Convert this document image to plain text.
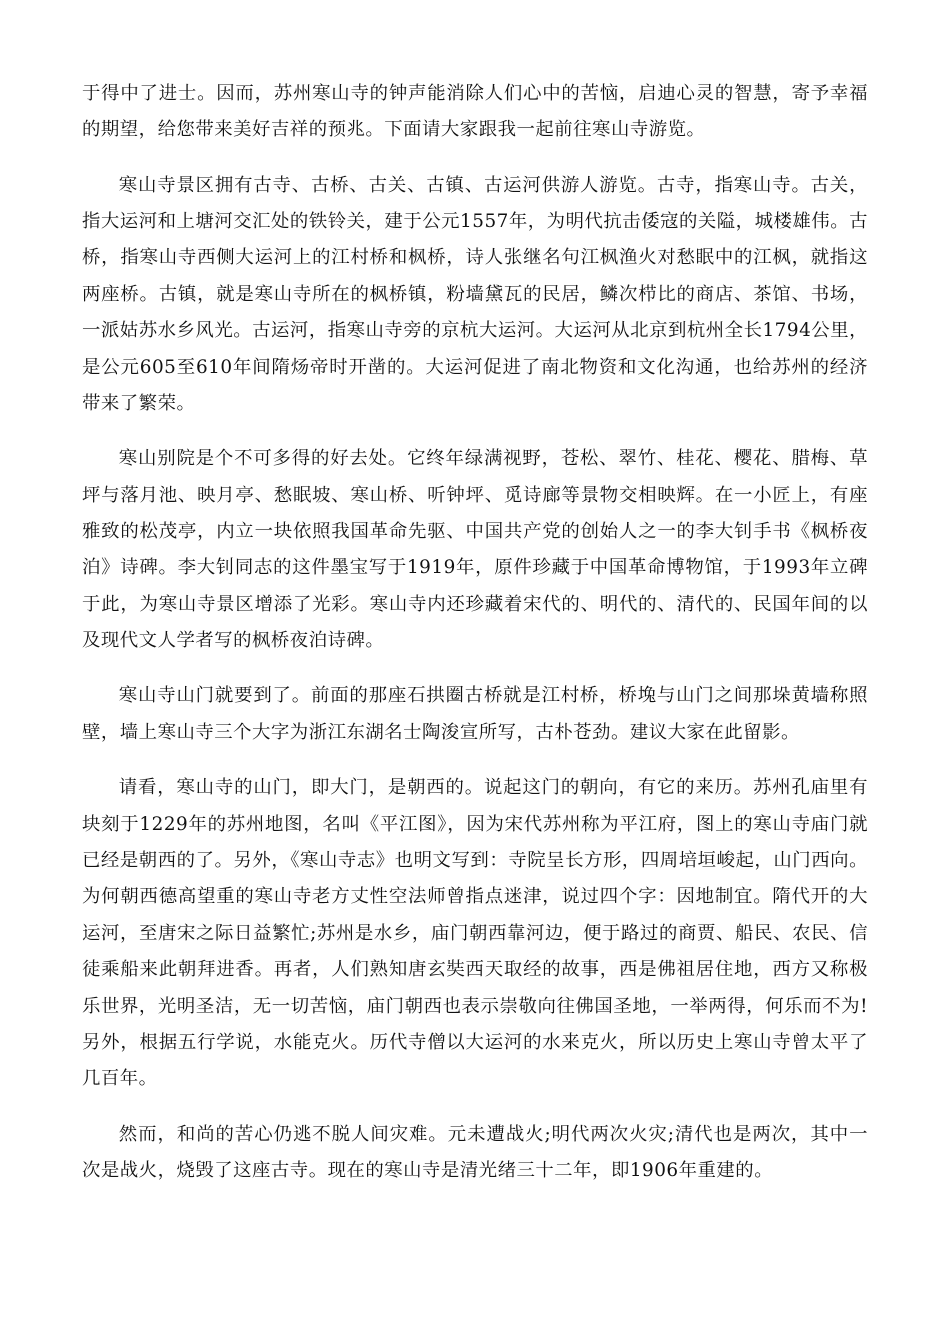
于得中了进士。因而，苏州寒山寺的钟声能消除人们心中的苦恼，启迪心灵的智慧，寄予幸福的期望，给您带来美好吉祥的预兆。下面请大家跟我一起前往寒山寺游览。

寒山寺景区拥有古寺、古桥、古关、古镇、古运河供游人游览。古寺，指寒山寺。古关，指大运河和上塘河交汇处的铁铃关，建于公元1557年，为明代抗击倭寇的关隘，城楼雄伟。古桥，指寒山寺西侧大运河上的江村桥和枫桥，诗人张继名句江枫渔火对愁眠中的江枫，就指这两座桥。古镇，就是寒山寺所在的枫桥镇，粉墙黛瓦的民居，鳞次栉比的商店、茶馆、书场，一派姑苏水乡风光。古运河，指寒山寺旁的京杭大运河。大运河从北京到杭州全长1794公里，是公元605至610年间隋炀帝时开凿的。大运河促进了南北物资和文化沟通，也给苏州的经济带来了繁荣。

寒山别院是个不可多得的好去处。它终年绿满视野，苍松、翠竹、桂花、樱花、腊梅、草坪与落月池、映月亭、愁眠坡、寒山桥、听钟坪、觅诗廊等景物交相映辉。在一小匠上，有座雅致的松茂亭，内立一块依照我国革命先驱、中国共产党的创始人之一的李大钊手书《枫桥夜泊》诗碑。李大钊同志的这件墨宝写于1919年，原件珍藏于中国革命博物馆，于1993年立碑于此，为寒山寺景区增添了光彩。寒山寺内还珍藏着宋代的、明代的、清代的、民国年间的以及现代文人学者写的枫桥夜泊诗碑。

寒山寺山门就要到了。前面的那座石拱圈古桥就是江村桥，桥堍与山门之间那垛黄墙称照壁，墙上寒山寺三个大字为浙江东湖名士陶浚宣所写，古朴苍劲。建议大家在此留影。

请看，寒山寺的山门，即大门，是朝西的。说起这门的朝向，有它的来历。苏州孔庙里有块刻于1229年的苏州地图，名叫《平江图》，因为宋代苏州称为平江府，图上的寒山寺庙门就已经是朝西的了。另外，《寒山寺志》也明文写到：寺院呈长方形，四周培垣峻起，山门西向。为何朝西德高望重的寒山寺老方丈性空法师曾指点迷津，说过四个字：因地制宜。隋代开的大运河，至唐宋之际日益繁忙;苏州是水乡，庙门朝西靠河边，便于路过的商贾、船民、农民、信徒乘船来此朝拜进香。再者，人们熟知唐玄奘西天取经的故事，西是佛祖居住地，西方又称极乐世界，光明圣洁，无一切苦恼，庙门朝西也表示崇敬向往佛国圣地，一举两得，何乐而不为!另外，根据五行学说，水能克火。历代寺僧以大运河的水来克火，所以历史上寒山寺曾太平了几百年。

然而，和尚的苦心仍逃不脱人间灾难。元未遭战火;明代两次火灾;清代也是两次，其中一次是战火，烧毁了这座古寺。现在的寒山寺是清光绪三十二年，即1906年重建的。
